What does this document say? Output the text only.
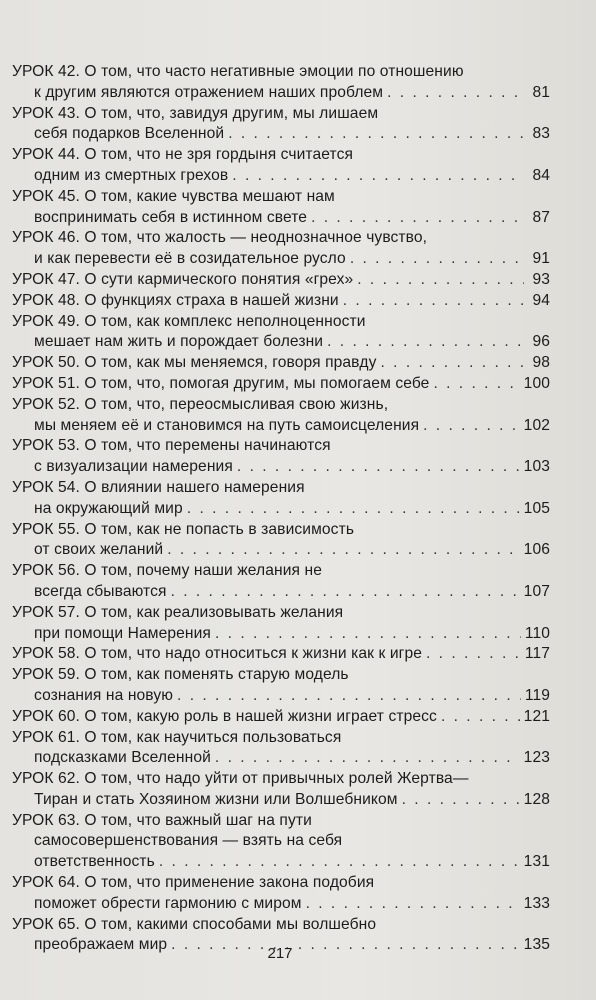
УРОК 42. О том, что часто негативные эмоции по отношению
к другим являются отражением наших проблем . . .	81
УРОК 43. О том, что, завидуя другим, мы лишаем
себя подарков Вселенной . . .	83
УРОК 44. О том, что не зря гордыня считается
одним из смертных грехов . . .	84
УРОК 45. О том, какие чувства мешают нам
воспринимать себя в истинном свете . . .	87
УРОК 46. О том, что жалость — неоднозначное чувство,
и как перевести её в созидательное русло . . .	91
УРОК 47. О сути кармического понятия «грех» . . .	93
УРОК 48. О функциях страха в нашей жизни . . .	94
УРОК 49. О том, как комплекс неполноценности
мешает нам жить и порождает болезни . . .	96
УРОК 50. О том, как мы меняемся, говоря правду . . .	98
УРОК 51. О том, что, помогая другим, мы помогаем себе . . .	100
УРОК 52. О том, что, переосмысливая свою жизнь,
мы меняем её и становимся на путь самоисцеления . . .	102
УРОК 53. О том, что перемены начинаются
с визуализации намерения . . .	103
УРОК 54. О влиянии нашего намерения
на окружающий мир . . .	105
УРОК 55. О том, как не попасть в зависимость
от своих желаний . . .	106
УРОК 56. О том, почему наши желания не
всегда сбываются . . .	107
УРОК 57. О том, как реализовывать желания
при помощи Намерения . . .	110
УРОК 58. О том, что надо относиться к жизни как к игре . . .	117
УРОК 59. О том, как поменять старую модель
сознания на новую . . .	119
УРОК 60. О том, какую роль в нашей жизни играет стресс . . .	121
УРОК 61. О том, как научиться пользоваться
подсказками Вселенной . . .	123
УРОК 62. О том, что надо уйти от привычных ролей Жертва—
Тиран и стать Хозяином жизни или Волшебником . . .	128
УРОК 63. О том, что важный шаг на пути
самосовершенствования — взять на себя
ответственность . . .	131
УРОК 64. О том, что применение закона подобия
поможет обрести гармонию с миром . . .	133
УРОК 65. О том, какими способами мы волшебно
преображаем мир . . .	135
217
